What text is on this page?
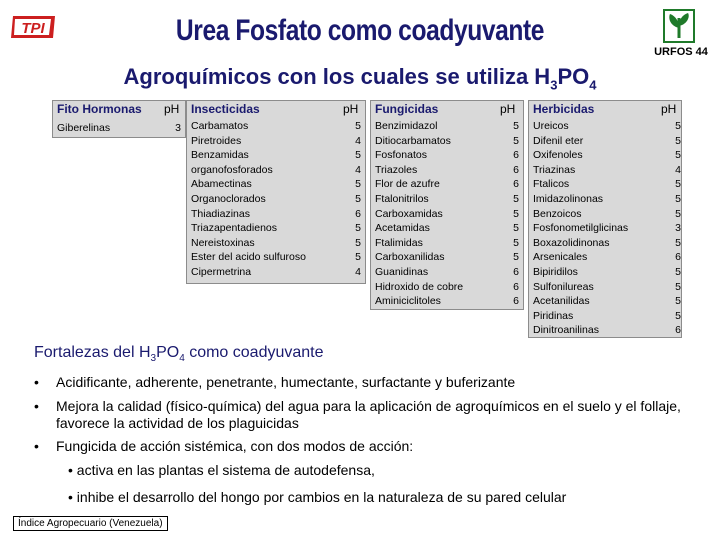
TPI	Urea Fosfato como coadyuvante
URFOS 44
Agroquímicos con los cuales se utiliza $H_3PO_4$
Fito Hormonas pH
Giberelinas	3
Insecticidas	pH
Carbamatos	5
Piretroides	4
Benzamidas	5
organofosforados	4
Abamectinas	5
Organoclorados	5
Thiadiazinas	6
Triazapentadienos	5
Nereistoxinas	5
Ester del acido sulfuroso	5
Cipermetrina	4
Fungicidas	pH
Benzimidazol	5
Ditiocarbamatos	5
Fosfonatos	6
Triazoles	6
Flor de azufre	6
Ftalonitrilos	5
Carboxamidas	5
Acetamidas	5
Ftalimidas	5
Carboxanilidas	5
Guanidinas	6
Hidroxido de cobre	6
Aminiciclitoles	6
Herbicidas	pH
Ureicos	5
Difenil eter	5
Oxifenoles	5
Triazinas	4
Ftalicos	5
Imidazolinonas	5
Benzoicos	5
Fosfonometilglicinas	3
Boxazolidinonas	5
Arsenicales	6
Bipiridilos	5
Sulfonilureas	5
Acetanilidas	5
Piridinas	5
Dinitroanilinas	6
Fortalezas del $H_3PO_4$ como coadyuvante
• Acidificante, adherente, penetrante, humectante, surfactante y buferizante
• Mejora la calidad (físico-química) del agua para la aplicación de agroquímicos en el suelo y el follaje, favorece la actividad de los plaguicidas
• Fungicida de acción sistémica, con dos modos de acción:
• activa en las plantas el sistema de autodefensa,
• inhibe el desarrollo del hongo por cambios en la naturaleza de su pared celular
Índice Agropecuario (Venezuela)
